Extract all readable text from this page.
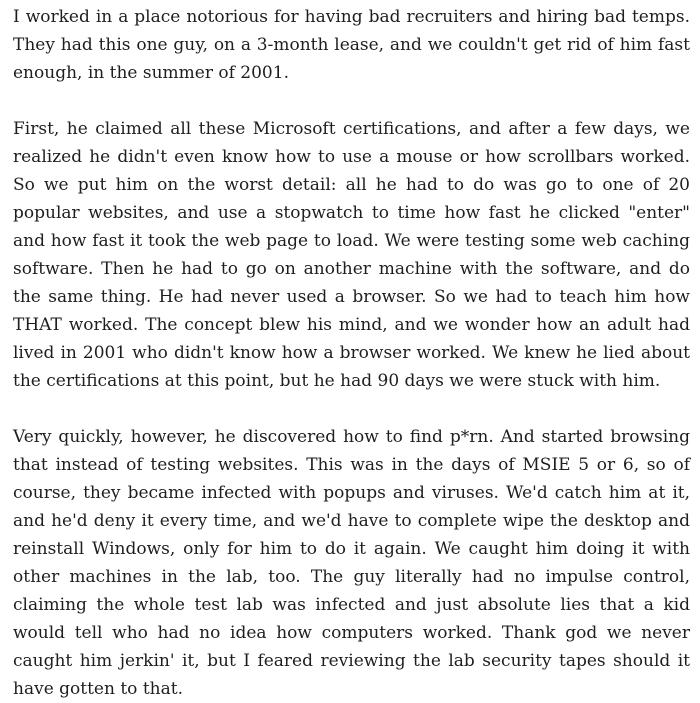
I worked in a place notorious for having bad recruiters and hiring bad temps. They had this one guy, on a 3-month lease, and we couldn't get rid of him fast enough, in the summer of 2001.

First, he claimed all these Microsoft certifications, and after a few days, we realized he didn't even know how to use a mouse or how scrollbars worked. So we put him on the worst detail: all he had to do was go to one of 20 popular websites, and use a stopwatch to time how fast he clicked "enter" and how fast it took the web page to load. We were testing some web caching software. Then he had to go on another machine with the software, and do the same thing. He had never used a browser. So we had to teach him how THAT worked. The concept blew his mind, and we wonder how an adult had lived in 2001 who didn't know how a browser worked. We knew he lied about the certifications at this point, but he had 90 days we were stuck with him.

Very quickly, however, he discovered how to find p*rn. And started browsing that instead of testing websites. This was in the days of MSIE 5 or 6, so of course, they became infected with popups and viruses. We'd catch him at it, and he'd deny it every time, and we'd have to complete wipe the desktop and reinstall Windows, only for him to do it again. We caught him doing it with other machines in the lab, too. The guy literally had no impulse control, claiming the whole test lab was infected and just absolute lies that a kid would tell who had no idea how computers worked. Thank god we never caught him jerkin' it, but I feared reviewing the lab security tapes should it have gotten to that.
